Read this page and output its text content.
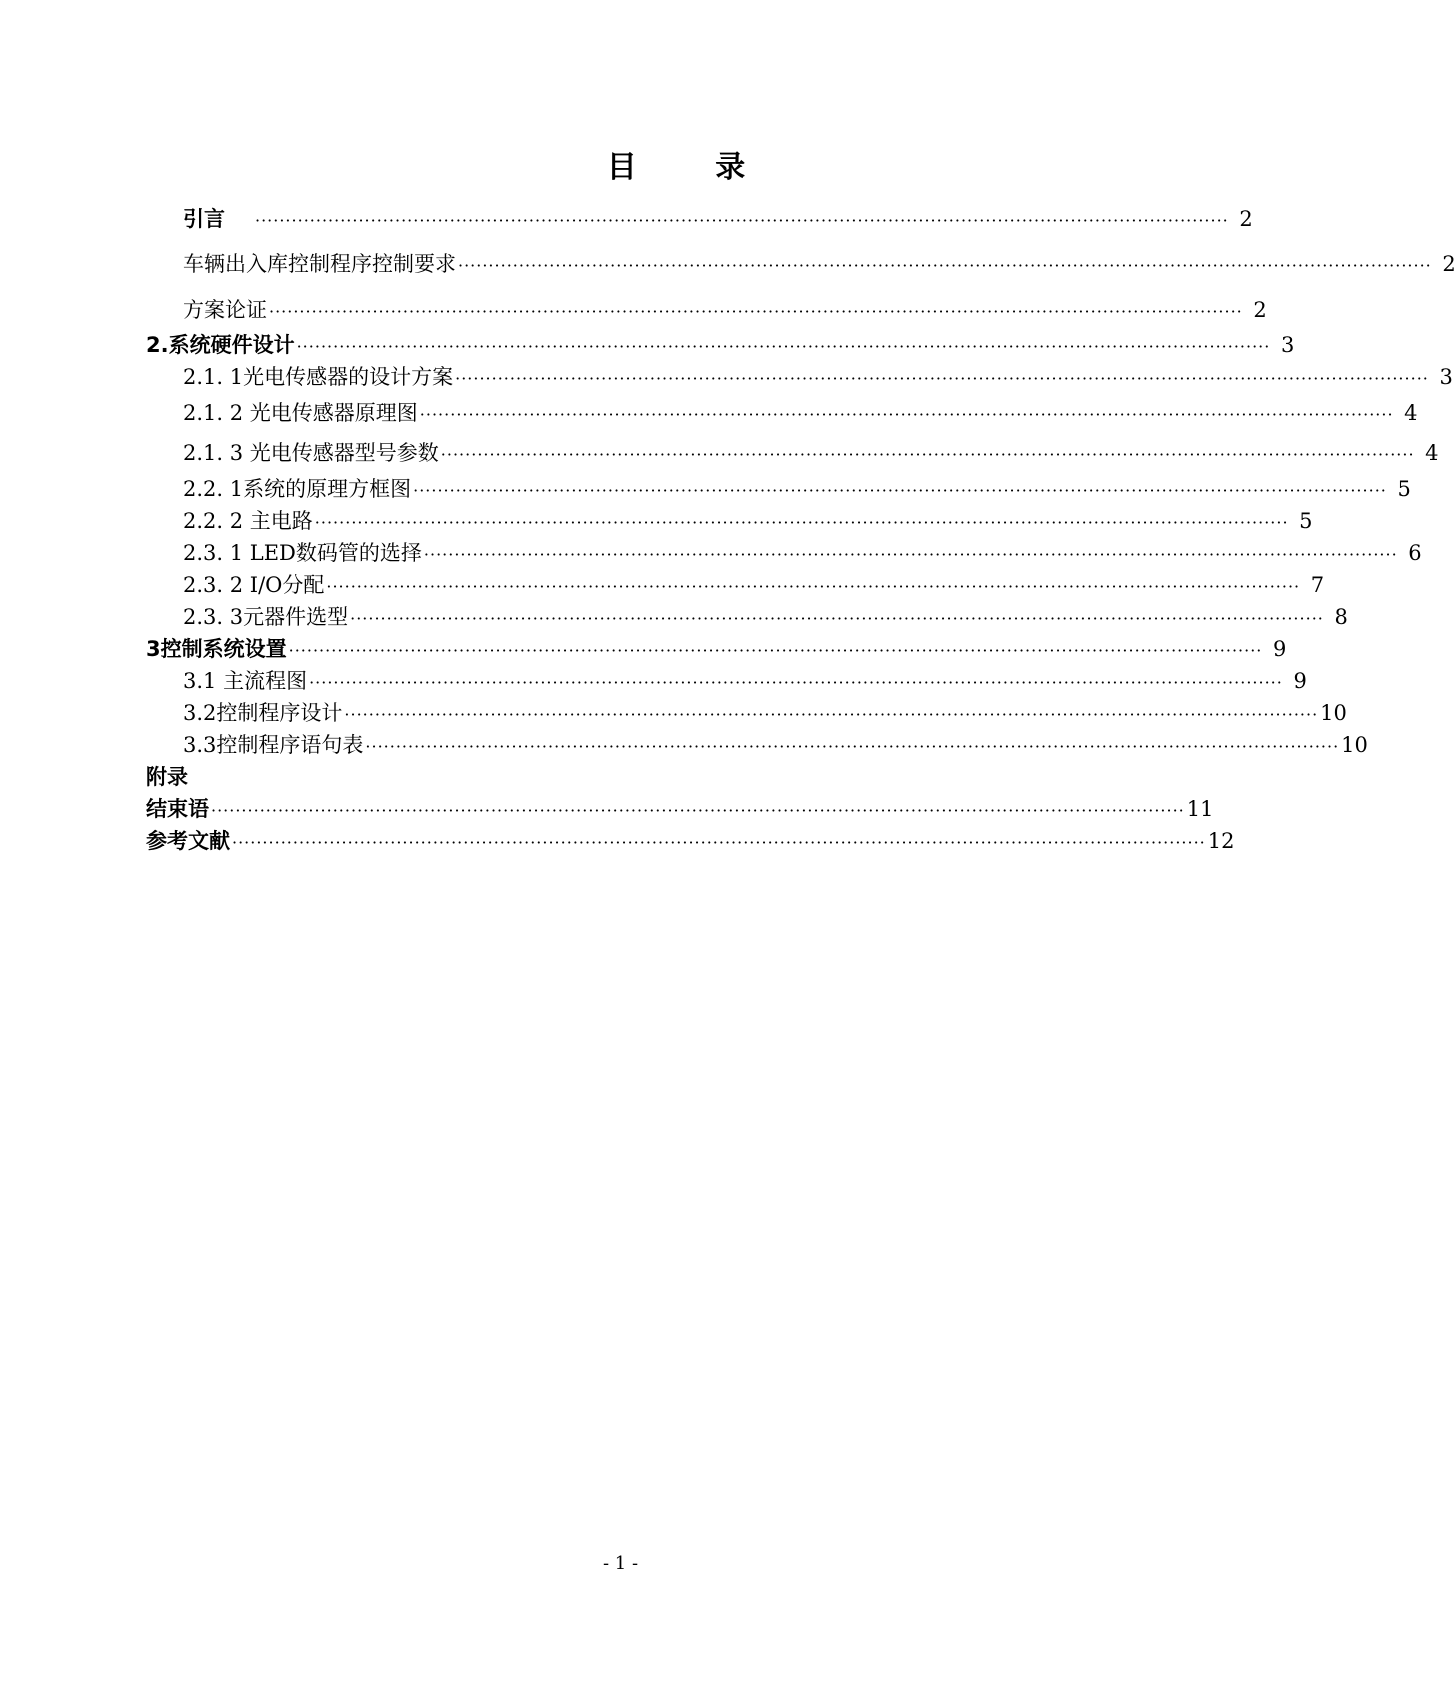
目 录
引言	································································································································································ 2
车辆出入库控制程序控制要求 ································································································································································ 2
方案论证 ································································································································································ 2
2.系统硬件设计 ································································································································································ 3
2.1. 1光电传感器的设计方案 ································································································································································ 3
2.1. 2 光电传感器原理图 ································································································································································ 4
2.1. 3 光电传感器型号参数 ································································································································································ 4
2.2. 1系统的原理方框图 ································································································································································ 5
2.2. 2 主电路 ································································································································································ 5
2.3. 1 LED数码管的选择 ································································································································································ 6
2.3. 2 I/O分配 ································································································································································ 7
2.3. 3元器件选型 ································································································································································ 8
3控制系统设置 ································································································································································ 9
3.1 主流程图 ································································································································································ 9
3.2控制程序设计 ································································································································································ 10
3.3控制程序语句表 ································································································································································ 10
附录
结束语 ································································································································································ 11
参考文献 ································································································································································ 12
- 1 -
